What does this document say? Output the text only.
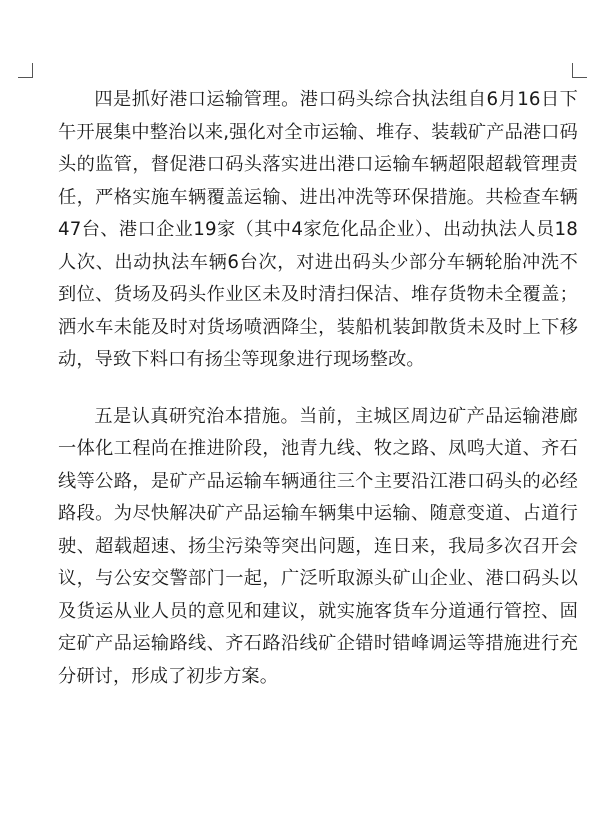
四是抓好港口运输管理。港口码头综合执法组自6月16日下午开展集中整治以来,强化对全市运输、堆存、装载矿产品港口码头的监管，督促港口码头落实进出港口运输车辆超限超载管理责任，严格实施车辆覆盖运输、进出冲洗等环保措施。共检查车辆47台、港口企业19家（其中4家危化品企业）、出动执法人员18人次、出动执法车辆6台次，对进出码头少部分车辆轮胎冲洗不到位、货场及码头作业区未及时清扫保洁、堆存货物未全覆盖；洒水车未能及时对货场喷洒降尘，装船机装卸散货未及时上下移动，导致下料口有扬尘等现象进行现场整改。

五是认真研究治本措施。当前，主城区周边矿产品运输港廊一体化工程尚在推进阶段，池青九线、牧之路、凤鸣大道、齐石线等公路，是矿产品运输车辆通往三个主要沿江港口码头的必经路段。为尽快解决矿产品运输车辆集中运输、随意变道、占道行驶、超载超速、扬尘污染等突出问题，连日来，我局多次召开会议，与公安交警部门一起，广泛听取源头矿山企业、港口码头以及货运从业人员的意见和建议，就实施客货车分道通行管控、固定矿产品运输路线、齐石路沿线矿企错时错峰调运等措施进行充分研讨，形成了初步方案。
